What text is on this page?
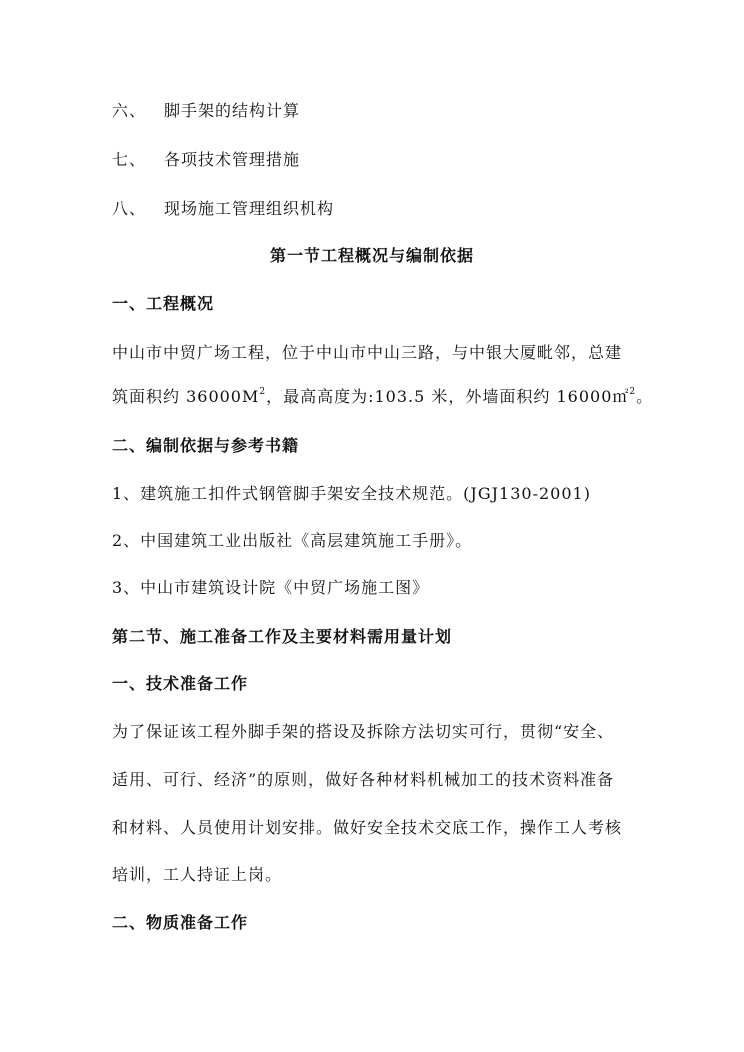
六、 脚手架的结构计算
七、 各项技术管理措施
八、 现场施工管理组织机构
第一节工程概况与编制依据
一、工程概况
中山市中贸广场工程，位于中山市中山三路，与中银大厦毗邻，总建
筑面积约 $36000M^2$，最高高度为:103.5 米，外墙面积约 16000㎡$^2$。
二、编制依据与参考书籍
1、建筑施工扣件式钢管脚手架安全技术规范。(JGJ130-2001)
2、中国建筑工业出版社《高层建筑施工手册》。
3、中山市建筑设计院《中贸广场施工图》
第二节、施工准备工作及主要材料需用量计划
一、技术准备工作
为了保证该工程外脚手架的搭设及拆除方法切实可行，贯彻“安全、
适用、可行、经济”的原则，做好各种材料机械加工的技术资料准备
和材料、人员使用计划安排。做好安全技术交底工作，操作工人考核
培训，工人持证上岗。
二、物质准备工作
